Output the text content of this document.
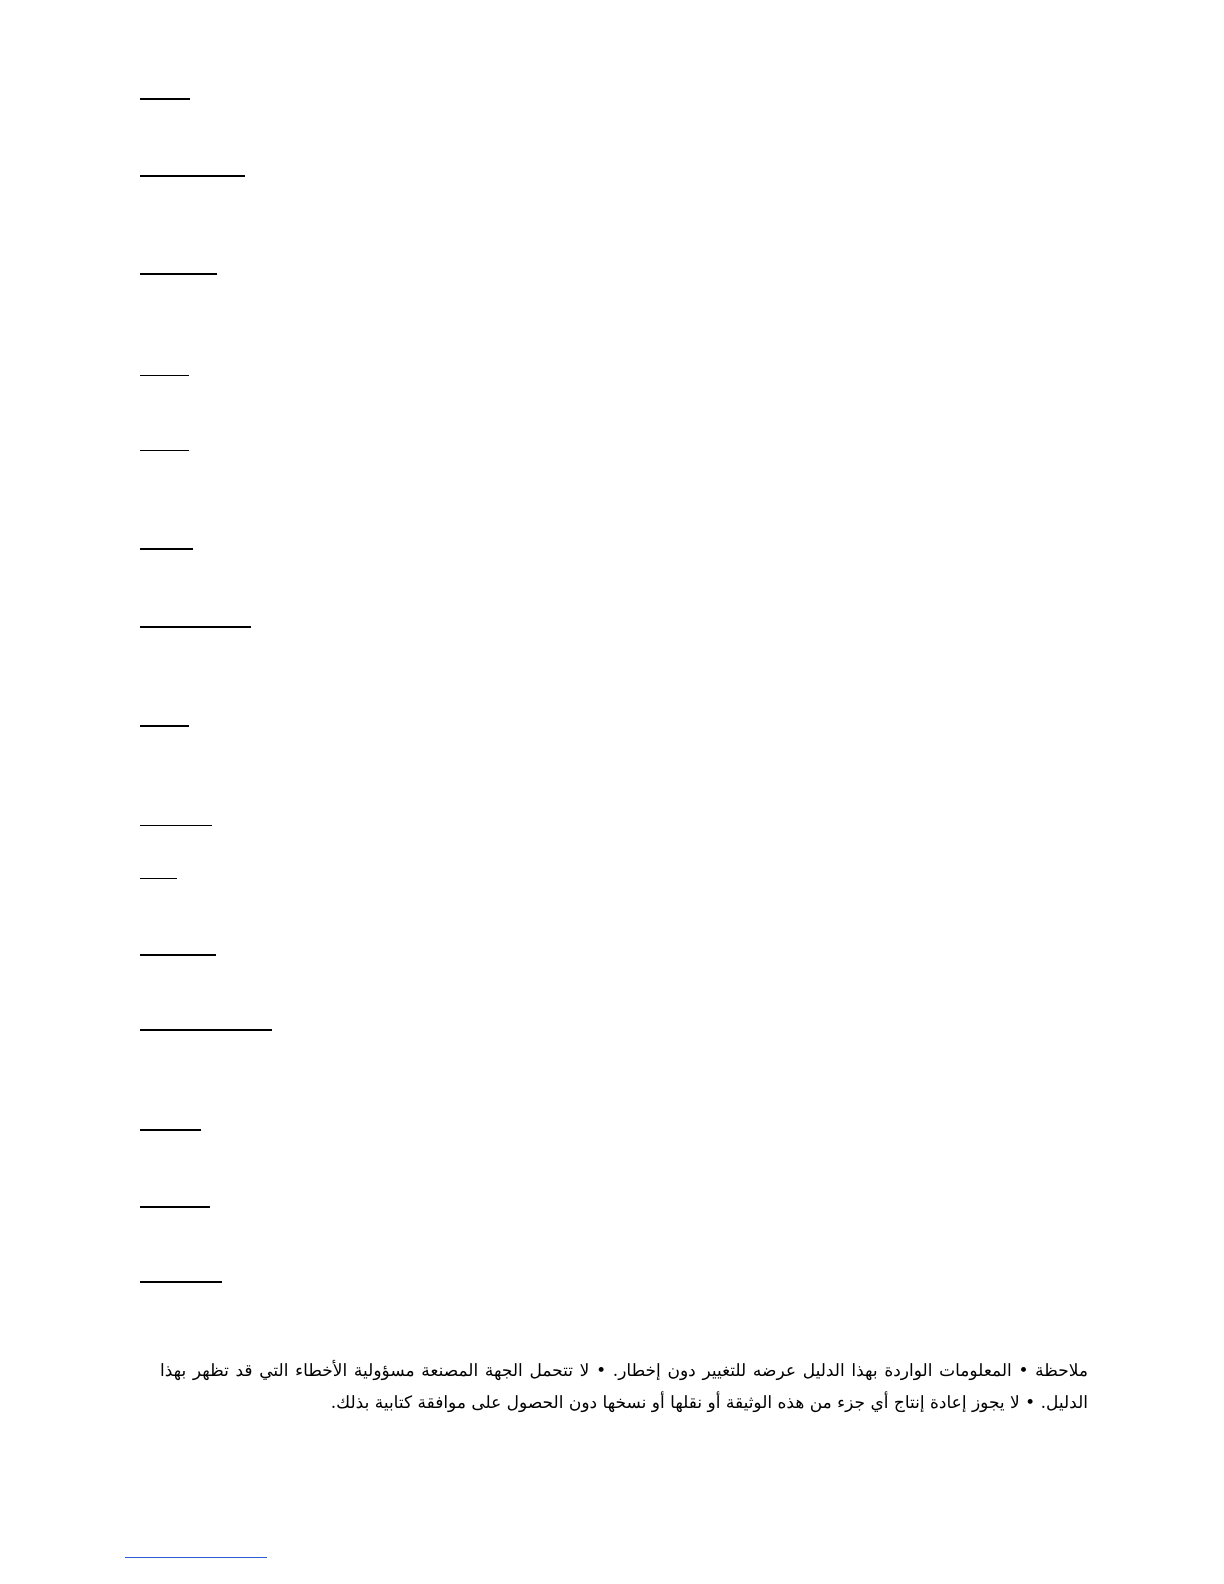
ملاحظة • المعلومات الواردة بهذا الدليل عرضه للتغيير دون إخطار. • لا تتحمل الجهة المصنعة مسؤولية الأخطاء التي قد تظهر بهذا الدليل. • لا يجوز إعادة إنتاج أي جزء من هذه الوثيقة أو نقلها أو نسخها دون الحصول على موافقة كتابية بذلك.
